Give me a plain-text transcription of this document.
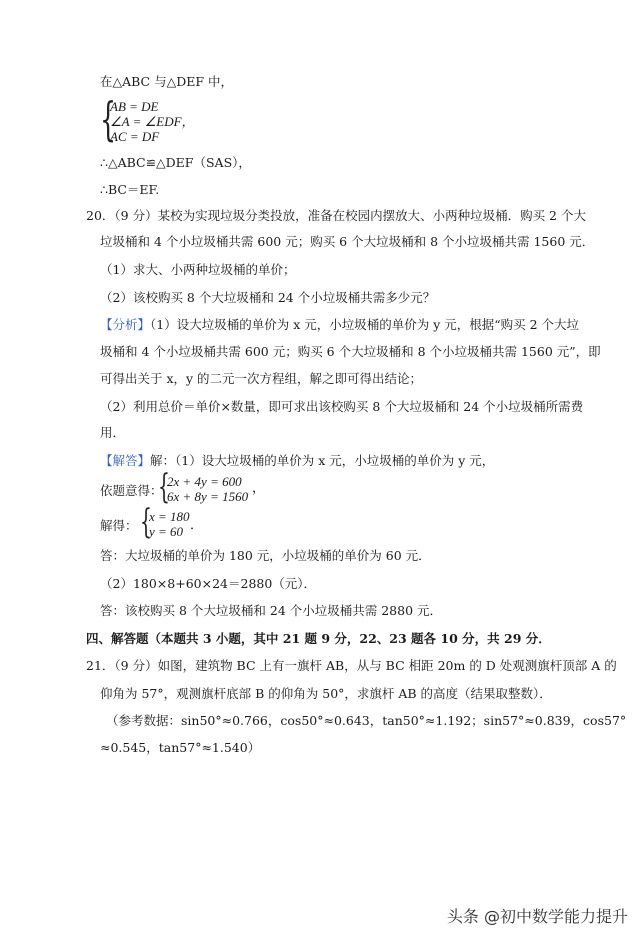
在△ABC 与△DEF 中，
{
AB = DE
∠A = ∠EDF，
AC = DF
∴△ABC≌△DEF（SAS），
∴BC＝EF.
20．（9 分）某校为实现垃圾分类投放，准备在校园内摆放大、小两种垃圾桶．购买 2 个大
垃圾桶和 4 个小垃圾桶共需 600 元；购买 6 个大垃圾桶和 8 个小垃圾桶共需 1560 元．
（1）求大、小两种垃圾桶的单价；
（2）该校购买 8 个大垃圾桶和 24 个小垃圾桶共需多少元？
【分析】（1）设大垃圾桶的单价为 x 元，小垃圾桶的单价为 y 元，根据“购买 2 个大垃
圾桶和 4 个小垃圾桶共需 600 元；购买 6 个大垃圾桶和 8 个小垃圾桶共需 1560 元”，即
可得出关于 x，y 的二元一次方程组，解之即可得出结论；
（2）利用总价＝单价×数量，即可求出该校购买 8 个大垃圾桶和 24 个小垃圾桶所需费
用．
【解答】解：（1）设大垃圾桶的单价为 x 元，小垃圾桶的单价为 y 元，
依题意得：
{
2x + 4y = 600
6x + 8y = 1560
，
解得： {
x = 180
y = 60 ．
答：大垃圾桶的单价为 180 元，小垃圾桶的单价为 60 元．
（2）180×8+60×24＝2880（元）．
答：该校购买 8 个大垃圾桶和 24 个小垃圾桶共需 2880 元．
四、解答题（本题共 3 小题，其中 21 题 9 分，22、23 题各 10 分，共 29 分．
21．（9 分）如图，建筑物 BC 上有一旗杆 AB，从与 BC 相距 20m 的 D 处观测旗杆顶部 A 的
仰角为 57°，观测旗杆底部 B 的仰角为 50°，求旗杆 AB 的高度（结果取整数）．
（参考数据：sin50°≈0.766，cos50°≈0.643，tan50°≈1.192；sin57°≈0.839，cos57°
≈0.545，tan57°≈1.540）
头条 @初中数学能力提升
